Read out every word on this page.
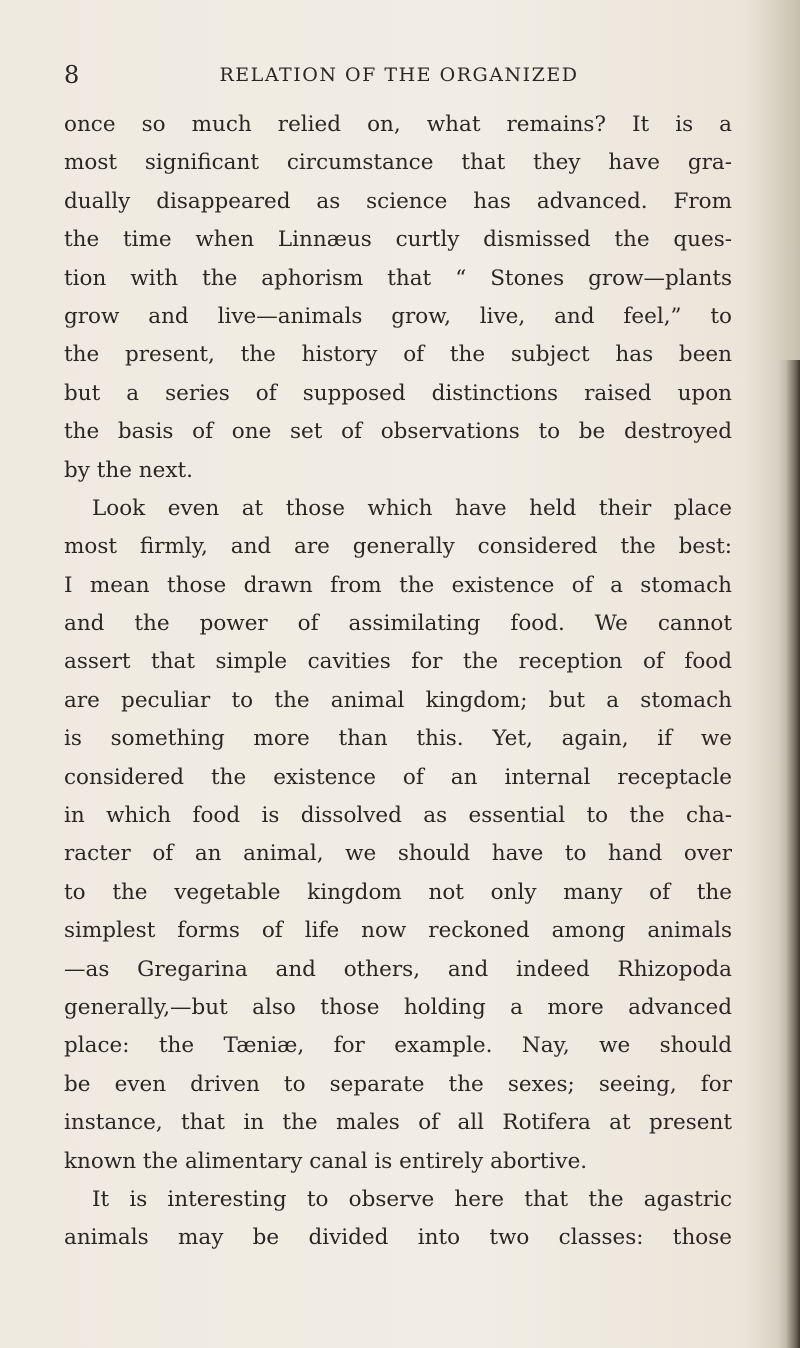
8	RELATION OF THE ORGANIZED
once so much relied on, what remains? It is a
most significant circumstance that they have gra-
dually disappeared as science has advanced. From
the time when Linnæus curtly dismissed the ques-
tion with the aphorism that “ Stones grow—plants
grow and live—animals grow, live, and feel,” to
the present, the history of the subject has been
but a series of supposed distinctions raised upon
the basis of one set of observations to be destroyed
by the next.
Look even at those which have held their place
most firmly, and are generally considered the best:
I mean those drawn from the existence of a stomach
and the power of assimilating food. We cannot
assert that simple cavities for the reception of food
are peculiar to the animal kingdom; but a stomach
is something more than this. Yet, again, if we
considered the existence of an internal receptacle
in which food is dissolved as essential to the cha-
racter of an animal, we should have to hand over
to the vegetable kingdom not only many of the
simplest forms of life now reckoned among animals
—as Gregarina and others, and indeed Rhizopoda
generally,—but also those holding a more advanced
place: the Tæniæ, for example. Nay, we should
be even driven to separate the sexes; seeing, for
instance, that in the males of all Rotifera at present
known the alimentary canal is entirely abortive.
It is interesting to observe here that the agastric
animals may be divided into two classes: those
